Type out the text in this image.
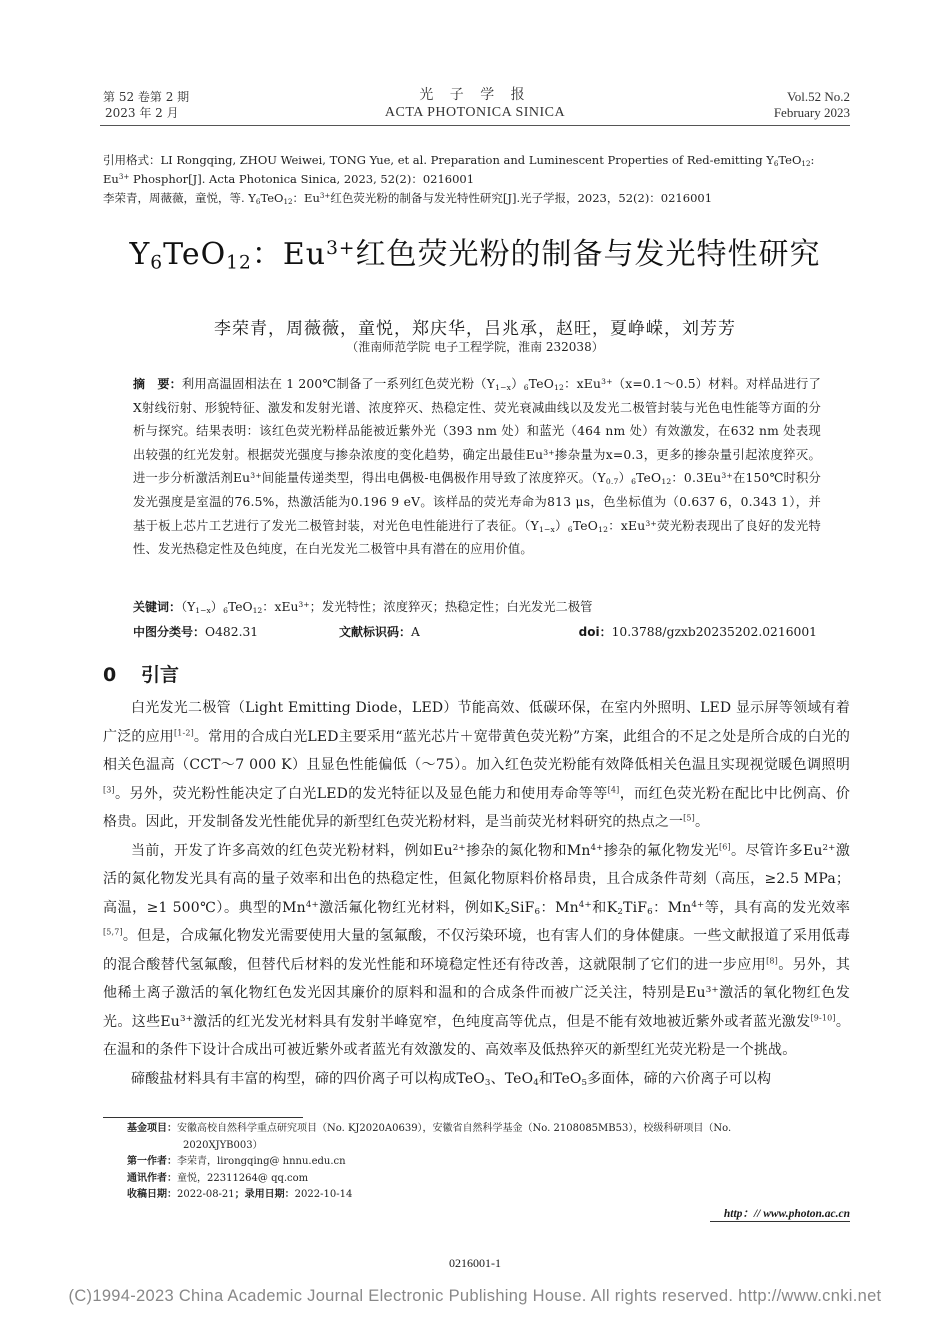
第 52 卷第 2 期
2023 年 2 月
光 子 学 报
ACTA PHOTONICA SINICA
Vol.52 No.2
February 2023
引用格式：LI Rongqing, ZHOU Weiwei, TONG Yue, et al. Preparation and Luminescent Properties of Red-emitting $Y_6TeO_{12}$:
$Eu^{3+}$ Phosphor[J]. Acta Photonica Sinica, 2023, 52(2)：0216001
李荣青，周薇薇，童悦，等. $Y_6TeO_{12}$：$Eu^{3+}$红色荧光粉的制备与发光特性研究[J].光子学报，2023，52(2)：0216001
$Y_6TeO_{12}$：$Eu^{3+}$红色荧光粉的制备与发光特性研究
李荣青，周薇薇，童悦，郑庆华，吕兆承，赵旺，夏峥嵘，刘芳芳
（淮南师范学院 电子工程学院，淮南 232038）
摘　要：利用高温固相法在 1 200℃制备了一系列红色荧光粉$(Y_{1-x})_6TeO_{12}$：xEu$^{3+}$（x=0.1～0.5）材料。对样品进行了X射线衍射、形貌特征、激发和发射光谱、浓度猝灭、热稳定性、荧光衰减曲线以及发光二极管封装与光色电性能等方面的分析与探究。结果表明：该红色荧光粉样品能被近紫外光（393 nm 处）和蓝光（464 nm 处）有效激发，在632 nm 处表现出较强的红光发射。根据荧光强度与掺杂浓度的变化趋势，确定出最佳$Eu^{3+}$掺杂量为x=0.3，更多的掺杂量引起浓度猝灭。进一步分析激活剂$Eu^{3+}$间能量传递类型，得出电偶极-电偶极作用导致了浓度猝灭。$(Y_{0.7})_6TeO_{12}$：$0.3Eu^{3+}$在150℃时积分发光强度是室温的76.5%，热激活能为0.196 9 eV。该样品的荧光寿命为813 μs，色坐标值为（0.637 6，0.343 1），并基于板上芯片工艺进行了发光二极管封装，对光色电性能进行了表征。$(Y_{1-x})_6TeO_{12}$：xEu$^{3+}$荧光粉表现出了良好的发光特性、发光热稳定性及色纯度，在白光发光二极管中具有潜在的应用价值。
关键词：$(Y_{1-x})_6TeO_{12}$：xEu$^{3+}$；发光特性；浓度猝灭；热稳定性；白光发光二极管
中图分类号：O482.31	文献标识码：A	doi：10.3788/gzxb20235202.0216001
0 引言

白光发光二极管（Light Emitting Diode，LED）节能高效、低碳环保，在室内外照明、LED 显示屏等领域有着广泛的应用[1-2]。常用的合成白光LED主要采用“蓝光芯片＋宽带黄色荧光粉”方案，此组合的不足之处是所合成的白光的相关色温高（CCT～7 000 K）且显色性能偏低（～75）。加入红色荧光粉能有效降低相关色温且实现视觉暖色调照明[3]。另外，荧光粉性能决定了白光LED的发光特征以及显色能力和使用寿命等等[4]，而红色荧光粉在配比中比例高、价格贵。因此，开发制备发光性能优异的新型红色荧光粉材料，是当前荧光材料研究的热点之一[5]。

当前，开发了许多高效的红色荧光粉材料，例如$Eu^{2+}$掺杂的氮化物和$Mn^{4+}$掺杂的氟化物发光[6]。尽管许多$Eu^{2+}$激活的氮化物发光具有高的量子效率和出色的热稳定性，但氮化物原料价格昂贵，且合成条件苛刻（高压，≥2.5 MPa；高温，≥1 500℃）。典型的$Mn^{4+}$激活氟化物红光材料，例如$K_2SiF_6$：$Mn^{4+}$和$K_2TiF_6$：$Mn^{4+}$等，具有高的发光效率[5,7]。但是，合成氟化物发光需要使用大量的氢氟酸，不仅污染环境，也有害人们的身体健康。一些文献报道了采用低毒的混合酸替代氢氟酸，但替代后材料的发光性能和环境稳定性还有待改善，这就限制了它们的进一步应用[8]。另外，其他稀土离子激活的氧化物红色发光因其廉价的原料和温和的合成条件而被广泛关注，特别是$Eu^{3+}$激活的氧化物红色发光。这些$Eu^{3+}$激活的红光发光材料具有发射半峰宽窄，色纯度高等优点，但是不能有效地被近紫外或者蓝光激发[9-10]。在温和的条件下设计合成出可被近紫外或者蓝光有效激发的、高效率及低热猝灭的新型红光荧光粉是一个挑战。

碲酸盐材料具有丰富的构型，碲的四价离子可以构成TeO$_3$、TeO$_4$和TeO$_5$多面体，碲的六价离子可以构

基金项目：安徽高校自然科学重点研究项目（No. KJ2020A0639），安徽省自然科学基金（No. 2108085MB53），校级科研项目（No.
2020XJYB003）
第一作者：李荣青，lirongqing@ hnnu.edu.cn
通讯作者：童悦，22311264@ qq.com
收稿日期：2022-08-21；录用日期：2022-10-14
http：// www.photon.ac.cn
0216001-1
(C)1994-2023 China Academic Journal Electronic Publishing House. All rights reserved. http://www.cnki.net
